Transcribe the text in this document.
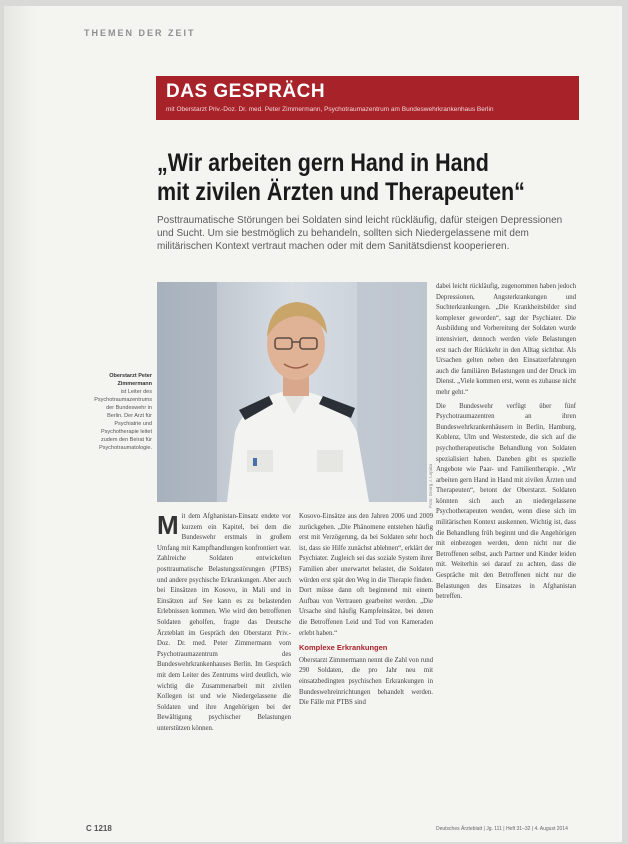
THEMEN DER ZEIT
DAS GESPRÄCH
mit Oberstarzt Priv.-Doz. Dr. med. Peter Zimmermann, Psychotraumazentrum am Bundeswehrkrankenhaus Berlin
„Wir arbeiten gern Hand in Hand
mit zivilen Ärzten und Therapeuten“
Posttraumatische Störungen bei Soldaten sind leicht rückläufig, dafür steigen Depressionen und Sucht. Um sie bestmöglich zu behandeln, sollten sich Niedergelassene mit dem militärischen Kontext vertraut machen oder mit dem Sanitätsdienst kooperieren.
Oberstarzt Peter Zimmermann
ist Leiter des Psychotraumazentrums der Bundeswehr in Berlin. Der Arzt für Psychiatrie und Psychotherapie leitet zudem den Beirat für Psychotraumatologie.
Foto: Georg J. Lopata
M it dem Afghanistan-Einsatz endete vor kurzem ein Kapitel, bei dem die Bundeswehr erstmals in großem Umfang mit Kampfhandlungen konfrontiert war. Zahlreiche Soldaten entwickelten posttraumatische Belastungsstörungen (PTBS) und andere psychische Erkrankungen. Aber auch bei Einsätzen im Kosovo, in Mali und in Einsätzen auf See kann es zu belastenden Erlebnissen kommen. Wie wird den betroffenen Soldaten geholfen, fragte das Deutsche Ärzteblatt im Gespräch den Oberstarzt Priv.-Doz. Dr. med. Peter Zimmermann vom Psychotraumazentrum des Bundeswehrkrankenhauses Berlin. Im Gespräch mit dem Leiter des Zentrums wird deutlich, wie wichtig die Zusammenarbeit mit zivilen Kollegen ist und wie Niedergelassene die Soldaten und ihre Angehörigen bei der Bewältigung psychischer Belastungen unterstützen können.

Kosovo-Einsätze aus den Jahren 2006 und 2009 zurückgehen. „Die Phänomene entstehen häufig erst mit Verzögerung, da bei Soldaten sehr hoch ist, dass sie Hilfe zunächst ablehnen“, erklärt der Psychiater. Zugleich sei das soziale System ihrer Familien aber unerwartet belastet, die Soldaten würden erst spät den Weg in die Therapie finden. Dort müsse dann oft beginnend mit einem Aufbau von Vertrauen gearbeitet werden. „Die Ursache sind häufig Kampfeinsätze, bei denen die Betroffenen Leid und Tod von Kameraden erlebt haben.“

Komplexe Erkrankungen

Oberstarzt Zimmermann nennt die Zahl von rund 290 Soldaten, die pro Jahr neu mit einsatzbedingten psychischen Erkrankungen in Bundeswehreinrichtungen behandelt werden. Die Fälle mit PTBS sind

dabei leicht rückläufig, zugenommen haben jedoch Depressionen, Angsterkrankungen und Suchterkrankungen. „Die Krankheitsbilder sind komplexer geworden“, sagt der Psychiater. Die Ausbildung und Vorbereitung der Soldaten wurde intensiviert, dennoch werden viele Belastungen erst nach der Rückkehr in den Alltag sichtbar. Als Ursachen gelten neben den Einsatzerfahrungen auch die familiären Belastungen und der Druck im Dienst. „Viele kommen erst, wenn es zuhause nicht mehr geht.“

Die Bundeswehr verfügt über fünf Psychotraumazentren an ihren Bundeswehrkrankenhäusern in Berlin, Hamburg, Koblenz, Ulm und Westerstede, die sich auf die psychotherapeutische Behandlung von Soldaten spezialisiert haben. Daneben gibt es spezielle Angebote wie Paar- und Familientherapie. „Wir arbeiten gern Hand in Hand mit zivilen Ärzten und Therapeuten“, betont der Oberstarzt. Soldaten könnten sich auch an niedergelassene Psychotherapeuten wenden, wenn diese sich im militärischen Kontext auskennen. Wichtig ist, dass die Behandlung früh beginnt und die Angehörigen mit einbezogen werden, denn nicht nur die Betroffenen selbst, auch Partner und Kinder leiden mit. Weiterhin sei darauf zu achten, dass die Gespräche mit den Betroffenen nicht nur die Belastungen des Einsatzes in Afghanistan betreffen.

C 1218	Deutsches Ärzteblatt | Jg. 111 | Heft 31–32 | 4. August 2014
